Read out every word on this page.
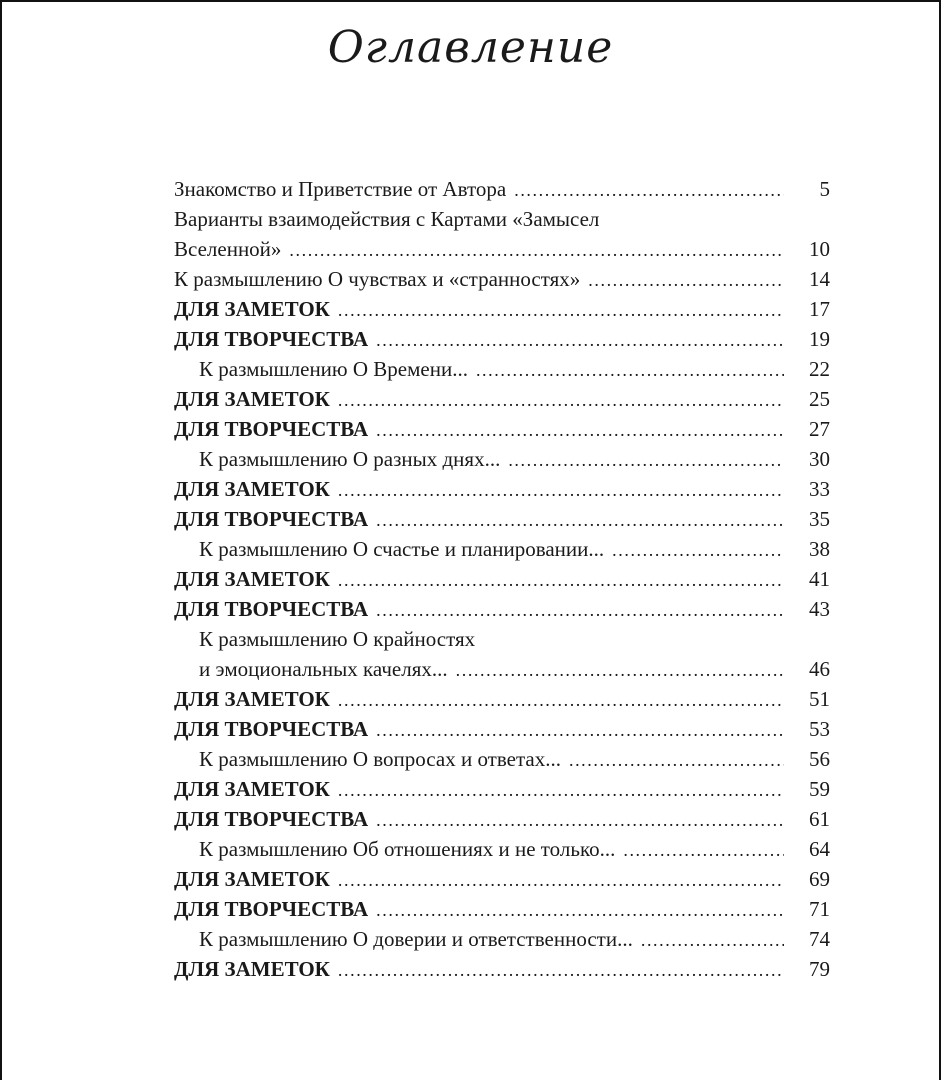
Оглавление
Знакомство и Приветствие от Автора .....	5
Варианты взаимодействия с Картами «Замысел
Вселенной» .....	10
К размышлению О чувствах и «странностях» .....	14
ДЛЯ ЗАМЕТОК .....	17
ДЛЯ ТВОРЧЕСТВА .....	19
К размышлению О Времени... .....	22
ДЛЯ ЗАМЕТОК .....	25
ДЛЯ ТВОРЧЕСТВА .....	27
К размышлению О разных днях... .....	30
ДЛЯ ЗАМЕТОК .....	33
ДЛЯ ТВОРЧЕСТВА .....	35
К размышлению О счастье и планировании... .....	38
ДЛЯ ЗАМЕТОК .....	41
ДЛЯ ТВОРЧЕСТВА .....	43
К размышлению О крайностях
и эмоциональных качелях... .....	46
ДЛЯ ЗАМЕТОК .....	51
ДЛЯ ТВОРЧЕСТВА .....	53
К размышлению О вопросах и ответах... .....	56
ДЛЯ ЗАМЕТОК .....	59
ДЛЯ ТВОРЧЕСТВА .....	61
К размышлению Об отношениях и не только... .....	64
ДЛЯ ЗАМЕТОК .....	69
ДЛЯ ТВОРЧЕСТВА .....	71
К размышлению О доверии и ответственности... .....	74
ДЛЯ ЗАМЕТОК .....	79
